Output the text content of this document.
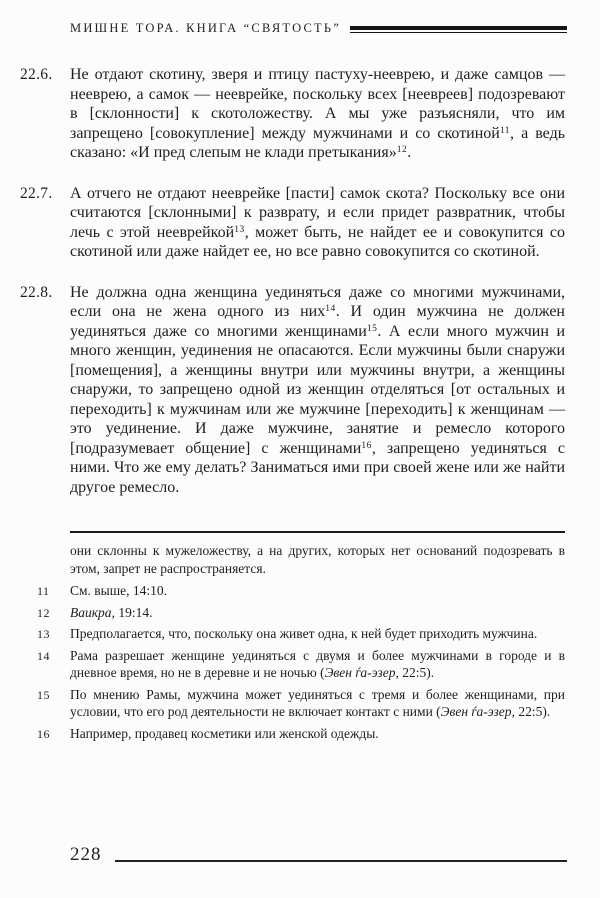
МИШНЕ ТОРА. КНИГА “СВЯТОСТЬ”
22.6. Не отдают скотину, зверя и птицу пастуху-нееврею, и даже самцов — нееврею, а самок — нееврейке, поскольку всех [неевреев] подозревают в [склонности] к скотоложеству. А мы уже разъясняли, что им запрещено [совокупление] между мужчинами и со скотиной$^{11}$, а ведь сказано: «И пред слепым не клади претыкания»$^{12}$.
22.7. А отчего не отдают нееврейке [пасти] самок скота? Поскольку все они считаются [склонными] к разврату, и если придет развратник, чтобы лечь с этой нееврейкой$^{13}$, может быть, не найдет ее и совокупится со скотиной или даже найдет ее, но все равно совокупится со скотиной.
22.8. Не должна одна женщина уединяться даже со многими мужчинами, если она не жена одного из них$^{14}$. И один мужчина не должен уединяться даже со многими женщинами$^{15}$. А если много мужчин и много женщин, уединения не опасаются. Если мужчины были снаружи [помещения], а женщины внутри или мужчины внутри, а женщины снаружи, то запрещено одной из женщин отделяться [от остальных и переходить] к мужчинам или же мужчине [переходить] к женщинам — это уединение. И даже мужчине, занятие и ремесло которого [подразумевает общение] с женщинами$^{16}$, запрещено уединяться с ними. Что же ему делать? Заниматься ими при своей жене или же найти другое ремесло.
они склонны к мужеложеству, а на других, которых нет оснований подозревать в этом, запрет не распространяется.
11 См. выше, 14:10.
12 Ваикра, 19:14.
13 Предполагается, что, поскольку она живет одна, к ней будет приходить мужчина.
14 Рама разрешает женщине уединяться с двумя и более мужчинами в городе и в дневное время, но не в деревне и не ночью (Эвен ѓа-эзер, 22:5).
15 По мнению Рамы, мужчина может уединяться с тремя и более женщинами, при условии, что его род деятельности не включает контакт с ними (Эвен ѓа-эзер, 22:5).
16 Например, продавец косметики или женской одежды.
228
